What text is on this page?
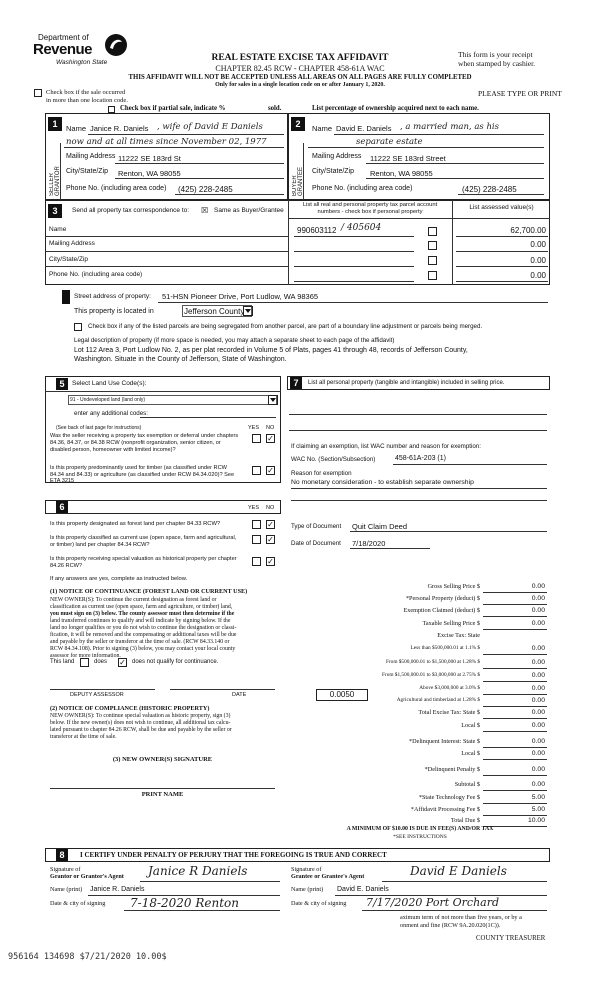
Department of
Revenue
Washington State	REAL ESTATE EXCISE TAX AFFIDAVIT
CHAPTER 82.45 RCW - CHAPTER 458-61A WAC
This form is your receipt
when stamped by cashier.
THIS AFFIDAVIT WILL NOT BE ACCEPTED UNLESS ALL AREAS ON ALL PAGES ARE FULLY COMPLETED
Only for sales in a single location code on or after January 1, 2020.
Check box if the sale occurred
in more than one location code.
PLEASE TYPE OR PRINT
Check box if partial sale, indicate %	sold.	List percentage of ownership acquired next to each name.
1	2
SELLER GRANTOR	BUYER GRANTEE
Name Janice R. Daniels , wife of David E Daniels
now and at all times since November 02, 1977
Mailing Address 11222 SE 183rd St
City/State/Zip Renton, WA 98055
Phone No. (including area code) (425) 228-2485
Name David E. Daniels , a married man, as his
separate estate
Mailing Address 11222 SE 183rd Street
City/State/Zip Renton, WA 98055
Phone No. (including area code)	(425) 228-2485
3	Send all property tax correspondence to: ☒ Same as Buyer/Grantee
List all real and personal property tax parcel account numbers - check box if personal property
List assessed value(s)
Name
Mailing Address
City/State/Zip
Phone No. (including area code)
990603112 / 405604	62,700.00
0.00
0.00
0.00
Street address of property: 51-HSN Pioneer Drive, Port Ludlow, WA 98365
This property is located in	Jefferson County
Check box if any of the listed parcels are being segregated from another parcel, are part of a boundary line adjustment or parcels being merged.
Legal description of property (if more space is needed, you may attach a separate sheet to each page of the affidavit)
Lot 112 Area 3, Port Ludlow No. 2, as per plat recorded in Volume 5 of Plats, pages 41 through 48, records of Jefferson County,
Washington. Situate in the County of Jefferson, State of Washington.
5	Select Land Use Code(s):
91 - Undeveloped land (land only)
enter any additional codes:
(See back of last page for instructions)	YES NO
Was the seller receiving a property tax exemption or deferral under chapters 84.36, 84.37, or 84.38 RCW (nonprofit organization, senior citizen, or disabled person, homeowner with limited income)?
✓
Is this property predominantly used for timber (as classified under RCW 84.34 and 84.33) or agriculture (as classified under RCW 84.34.020)? See ETA 3215
✓
6	YES NO
Is this property designated as forest land per chapter 84.33 RCW?	✓
Is this property classified as current use (open space, farm and agricultural, or timber) land per chapter 84.34 RCW?
✓
Is this property receiving special valuation as historical property per chapter 84.26 RCW?	✓
If any answers are yes, complete as instructed below.
(1) NOTICE OF CONTINUANCE (FOREST LAND OR CURRENT USE)
NEW OWNER(S): To continue the current designation as forest land or
classification as current use (open space, farm and agriculture, or timber) land,
you must sign on (3) below. The county assessor must then determine if the
land transferred continues to qualify and will indicate by signing below. If the
land no longer qualifies or you do not wish to continue the designation or classi-
fication, it will be removed and the compensating or additional taxes will be due
and payable by the seller or transferor at the time of sale. (RCW 84.33.140 or
RCW 84.34.108). Prior to signing (3) below, you may contact your local county
assessor for more information.
This land	does ✓ does not qualify for continuance.
DEPUTY ASSESSOR	DATE
(2) NOTICE OF COMPLIANCE (HISTORIC PROPERTY)
NEW OWNER(S): To continue special valuation as historic property, sign (3)
below. If the new owner(s) does not wish to continue, all additional tax calcu-
lated pursuant to chapter 84.26 RCW, shall be due and payable by the seller or
transferor at the time of sale.
(3) NEW OWNER(S) SIGNATURE
PRINT NAME
7	List all personal property (tangible and intangible) included in selling price.
If claiming an exemption, list WAC number and reason for exemption:
WAC No. (Section/Subsection)	458-61A-203 (1)
Reason for exemption
No monetary consideration - to establish separate ownership
Type of Document Quit Claim Deed
Date of Document 7/18/2020
Gross Selling Price $	0.00
*Personal Property (deduct) $	0.00
Exemption Claimed (deduct) $	0.00
Taxable Selling Price $	0.00
Excise Tax: State
Less than $500,000.01 at 1.1% $	0.00
From $500,000.01 to $1,500,000 at 1.28% $	0.00
From $1,500,000.01 to $3,000,000 at 2.75% $	0.00
Above $3,000,000 at 3.0% $	0.00
Agricultural and timberland at 1.28% $	0.00
Total Excise Tax: State $	0.00
Local $	0.00
*Delinquent Interest: State $	0.00
Local $	0.00
*Delinquent Penalty $	0.00
Subtotal $	0.00
*State Technology Fee $	5.00
*Affidavit Processing Fee $	5.00
Total Due $	10.00
0.0050
A MINIMUM OF $10.00 IS DUE IN FEE(S) AND/OR TAX
*SEE INSTRUCTIONS
8	I CERTIFY UNDER PENALTY OF PERJURY THAT THE FOREGOING IS TRUE AND CORRECT
Signature of
Grantor or Grantor's Agent Janice R Daniels
Name (print) Janice R. Daniels
Date & city of signing 7-18-2020 Renton
Signature of
Grantee or Grantee's Agent	David E Daniels
Name (print) David E. Daniels
Date & city of signing 7/17/2020 Port Orchard
aximum term of not more than five years, or by a
onment and fine (RCW 9A.20.020(1C)).
COUNTY TREASURER
956164 134698 $7/21/2020 10.00$
